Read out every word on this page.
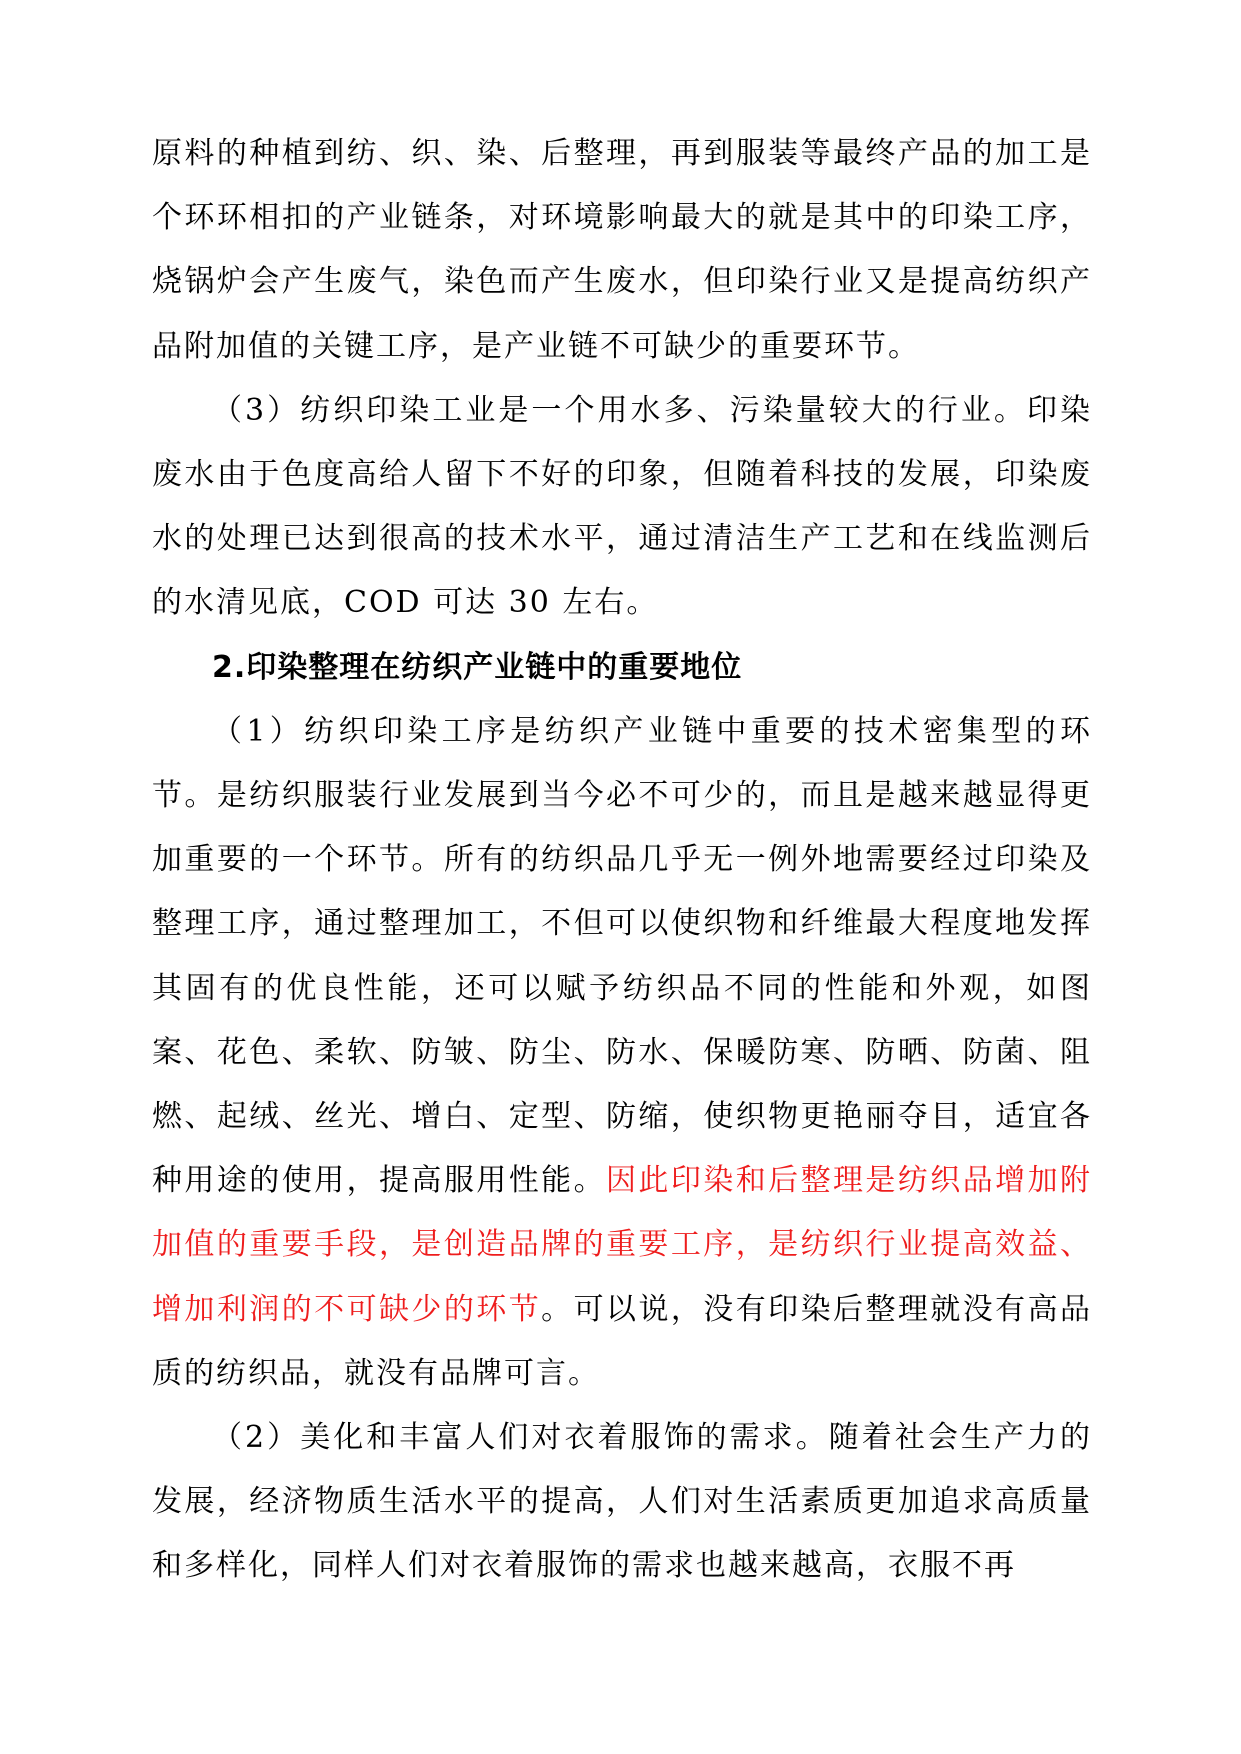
原料的种植到纺、织、染、后整理，再到服装等最终产品的加工是个环环相扣的产业链条，对环境影响最大的就是其中的印染工序，烧锅炉会产生废气，染色而产生废水，但印染行业又是提高纺织产品附加值的关键工序，是产业链不可缺少的重要环节。

（3）纺织印染工业是一个用水多、污染量较大的行业。印染废水由于色度高给人留下不好的印象，但随着科技的发展，印染废水的处理已达到很高的技术水平，通过清洁生产工艺和在线监测后的水清见底，COD 可达 30 左右。

2.印染整理在纺织产业链中的重要地位

（1）纺织印染工序是纺织产业链中重要的技术密集型的环节。是纺织服装行业发展到当今必不可少的，而且是越来越显得更加重要的一个环节。所有的纺织品几乎无一例外地需要经过印染及整理工序，通过整理加工，不但可以使织物和纤维最大程度地发挥其固有的优良性能，还可以赋予纺织品不同的性能和外观，如图案、花色、柔软、防皱、防尘、防水、保暖防寒、防晒、防菌、阻燃、起绒、丝光、增白、定型、防缩，使织物更艳丽夺目，适宜各种用途的使用，提高服用性能。因此印染和后整理是纺织品增加附加值的重要手段，是创造品牌的重要工序，是纺织行业提高效益、增加利润的不可缺少的环节。可以说，没有印染后整理就没有高品质的纺织品，就没有品牌可言。

（2）美化和丰富人们对衣着服饰的需求。随着社会生产力的发展，经济物质生活水平的提高，人们对生活素质更加追求高质量和多样化，同样人们对衣着服饰的需求也越来越高，衣服不再
